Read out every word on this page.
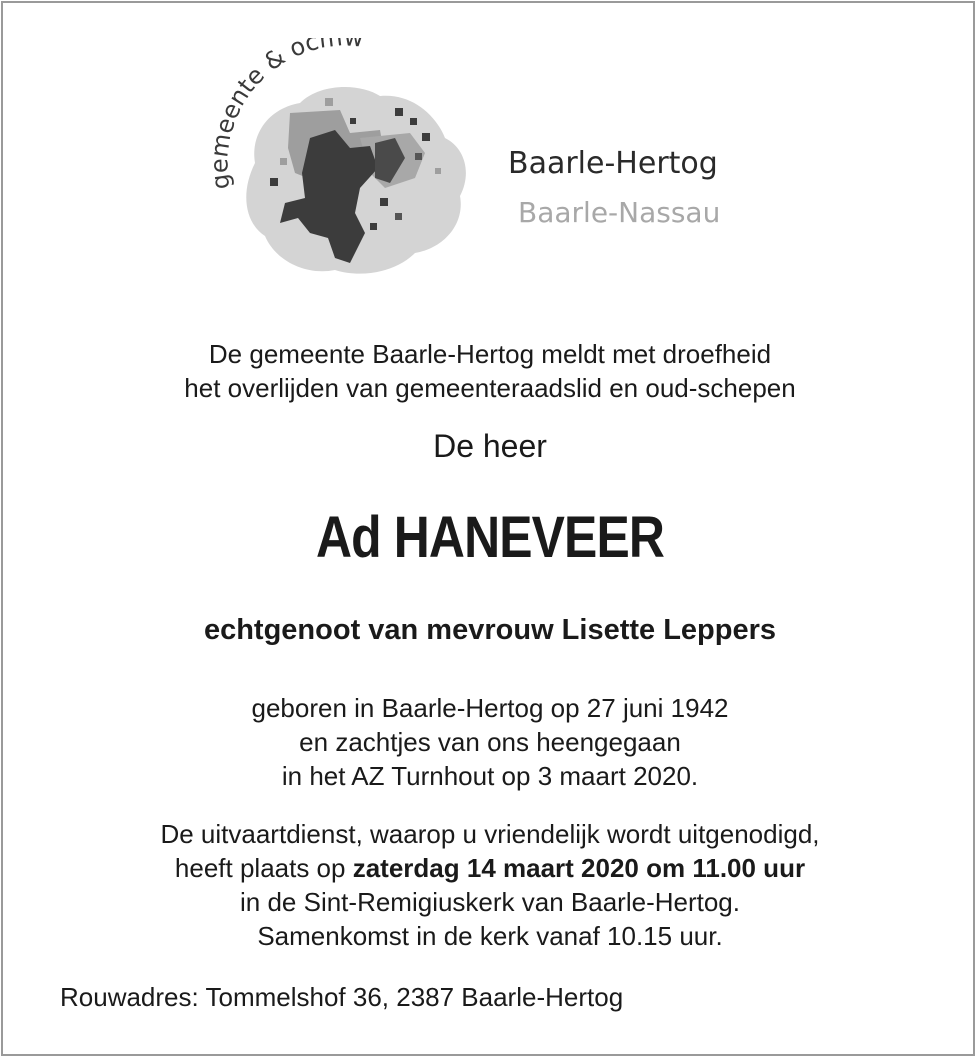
eente & ocm
Baarle-Hertog
Baarle-Nassau
De gemeente Baarle-Hertog meldt met droefheid
het overlijden van gemeenteraadslid en oud-schepen
De heer
Ad HANEVEER
echtgenoot van mevrouw Lisette Leppers
geboren in Baarle-Hertog op 27 juni 1942
en zachtjes van ons heengegaan
in het AZ Turnhout op 3 maart 2020.
De uitvaartdienst, waarop u vriendelijk wordt uitgenodigd,
heeft plaats op zaterdag 14 maart 2020 om 11.00 uur
in de Sint-Remigiuskerk van Baarle-Hertog.
Samenkomst in de kerk vanaf 10.15 uur.
Rouwadres: Tommelshof 36, 2387 Baarle-Hertog
